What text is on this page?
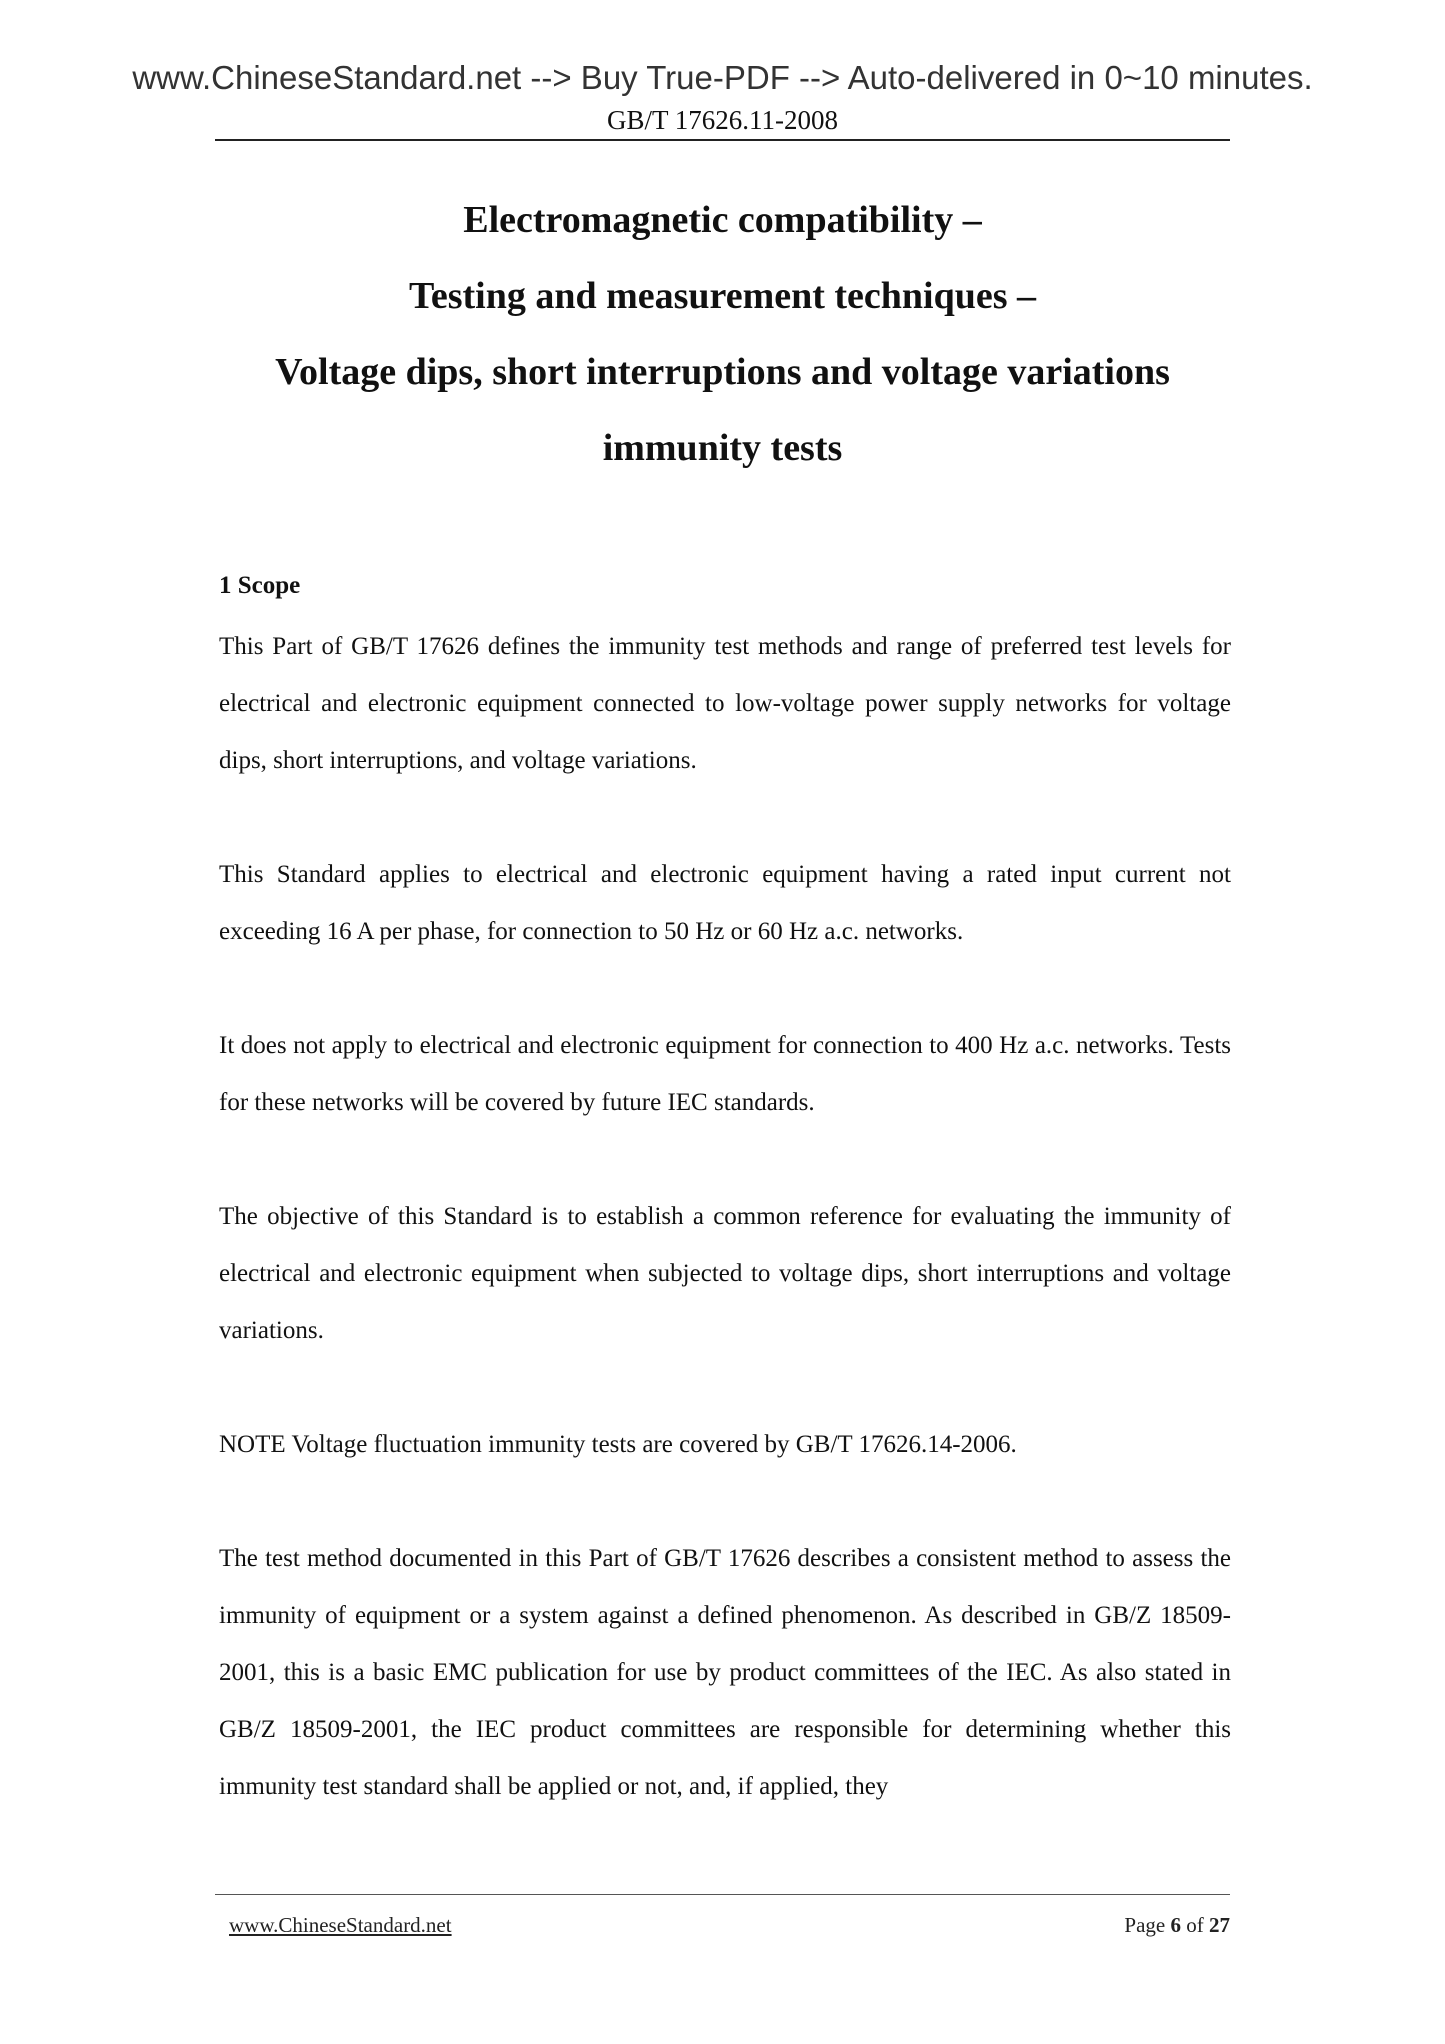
www.ChineseStandard.net --> Buy True-PDF --> Auto-delivered in 0~10 minutes.
GB/T 17626.11-2008
Electromagnetic compatibility –
Testing and measurement techniques –
Voltage dips, short interruptions and voltage variations
immunity tests
1 Scope
This Part of GB/T 17626 defines the immunity test methods and range of preferred test levels for electrical and electronic equipment connected to low-voltage power supply networks for voltage dips, short interruptions, and voltage variations.
This Standard applies to electrical and electronic equipment having a rated input current not exceeding 16 A per phase, for connection to 50 Hz or 60 Hz a.c. networks.
It does not apply to electrical and electronic equipment for connection to 400 Hz a.c. networks. Tests for these networks will be covered by future IEC standards.
The objective of this Standard is to establish a common reference for evaluating the immunity of electrical and electronic equipment when subjected to voltage dips, short interruptions and voltage variations.
NOTE Voltage fluctuation immunity tests are covered by GB/T 17626.14-2006.
The test method documented in this Part of GB/T 17626 describes a consistent method to assess the immunity of equipment or a system against a defined phenomenon. As described in GB/Z 18509-2001, this is a basic EMC publication for use by product committees of the IEC. As also stated in GB/Z 18509-2001, the IEC product committees are responsible for determining whether this immunity test standard shall be applied or not, and, if applied, they
www.ChineseStandard.net	Page 6 of 27
